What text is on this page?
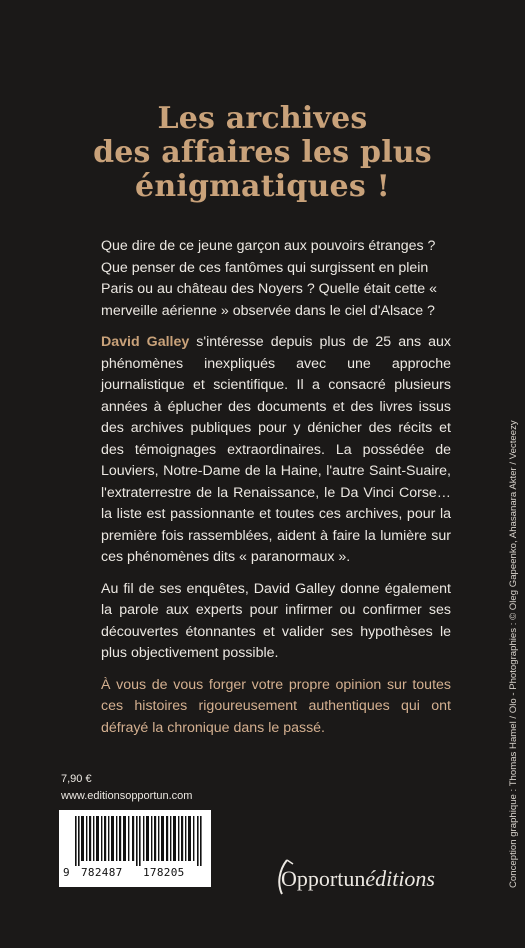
Les archives
des affaires les plus
énigmatiques !

Que dire de ce jeune garçon aux pouvoirs étranges ? Que penser de ces fantômes qui surgissent en plein Paris ou au château des Noyers ? Quelle était cette « merveille aérienne » observée dans le ciel d'Alsace ?

David Galley s'intéresse depuis plus de 25 ans aux phénomènes inexpliqués avec une approche journalistique et scientifique. Il a consacré plusieurs années à éplucher des documents et des livres issus des archives publiques pour y dénicher des récits et des témoignages extraordinaires. La possédée de Louviers, Notre-Dame de la Haine, l'autre Saint-Suaire, l'extraterrestre de la Renaissance, le Da Vinci Corse… la liste est passionnante et toutes ces archives, pour la première fois rassemblées, aident à faire la lumière sur ces phénomènes dits « paranormaux ».

Au fil de ses enquêtes, David Galley donne également la parole aux experts pour infirmer ou confirmer ses découvertes étonnantes et valider ses hypothèses le plus objectivement possible.

À vous de vous forger votre propre opinion sur toutes ces histoires rigoureusement authentiques qui ont défrayé la chronique dans le passé.

7,90 €
www.editionsopportun.com
9 782487 178205	Opportunéditions	Conception graphique : Thomas Hamel / Olo - Photographies : © Oleg Gapeenko, Ahasanara Akter / Vecteezy
